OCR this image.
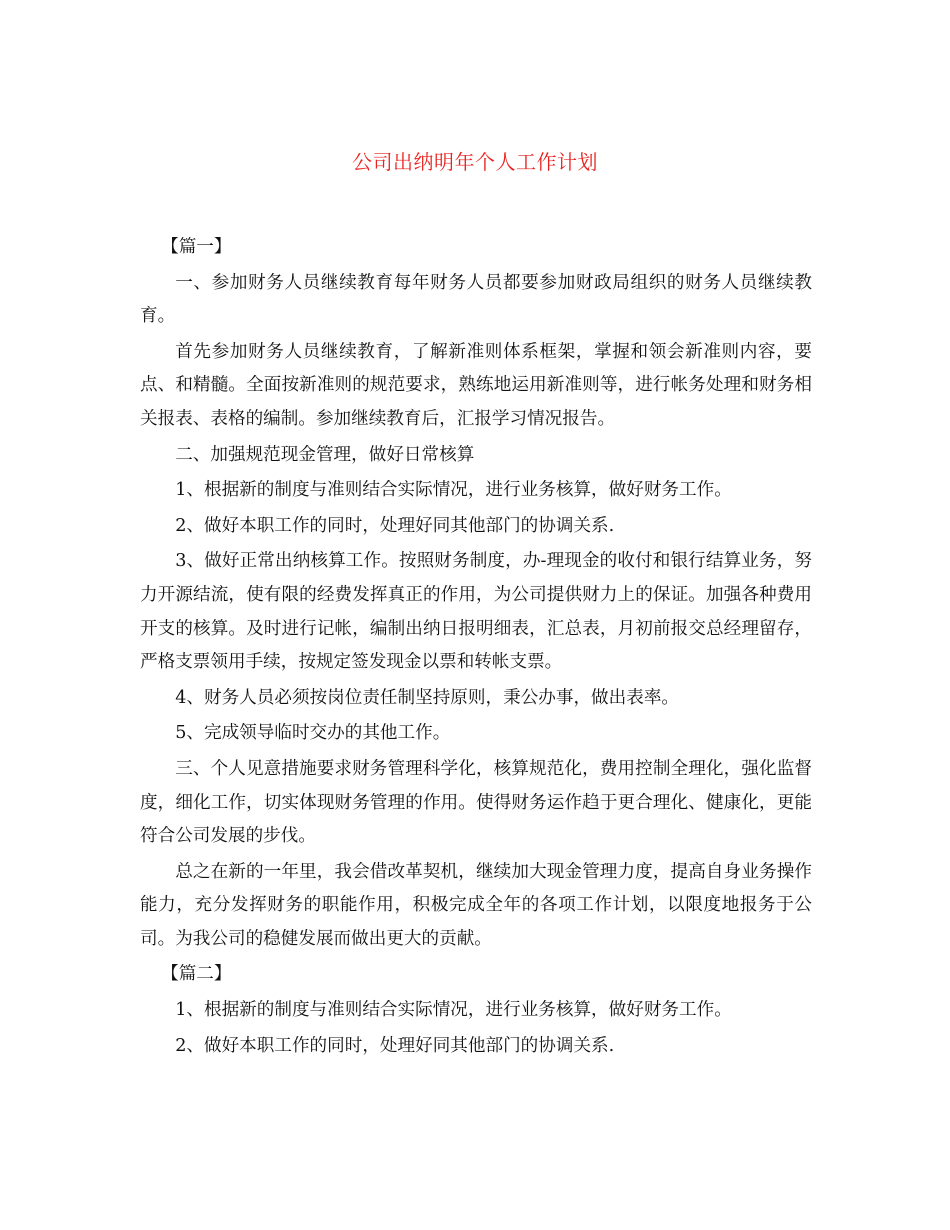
公司出纳明年个人工作计划

【篇一】

一、参加财务人员继续教育每年财务人员都要参加财政局组织的财务人员继续教育。

首先参加财务人员继续教育，了解新准则体系框架，掌握和领会新准则内容，要点、和精髓。全面按新准则的规范要求，熟练地运用新准则等，进行帐务处理和财务相关报表、表格的编制。参加继续教育后，汇报学习情况报告。

二、加强规范现金管理，做好日常核算

1、根据新的制度与准则结合实际情况，进行业务核算，做好财务工作。

2、做好本职工作的同时，处理好同其他部门的协调关系.

3、做好正常出纳核算工作。按照财务制度，办-理现金的收付和银行结算业务，努力开源结流，使有限的经费发挥真正的作用，为公司提供财力上的保证。加强各种费用开支的核算。及时进行记帐，编制出纳日报明细表，汇总表，月初前报交总经理留存，严格支票领用手续，按规定签发现金以票和转帐支票。

4、财务人员必须按岗位责任制坚持原则，秉公办事，做出表率。

5、完成领导临时交办的其他工作。

三、个人见意措施要求财务管理科学化，核算规范化，费用控制全理化，强化监督度，细化工作，切实体现财务管理的作用。使得财务运作趋于更合理化、健康化，更能符合公司发展的步伐。

总之在新的一年里，我会借改革契机，继续加大现金管理力度，提高自身业务操作能力，充分发挥财务的职能作用，积极完成全年的各项工作计划，以限度地报务于公司。为我公司的稳健发展而做出更大的贡献。

【篇二】

1、根据新的制度与准则结合实际情况，进行业务核算，做好财务工作。

2、做好本职工作的同时，处理好同其他部门的协调关系.
